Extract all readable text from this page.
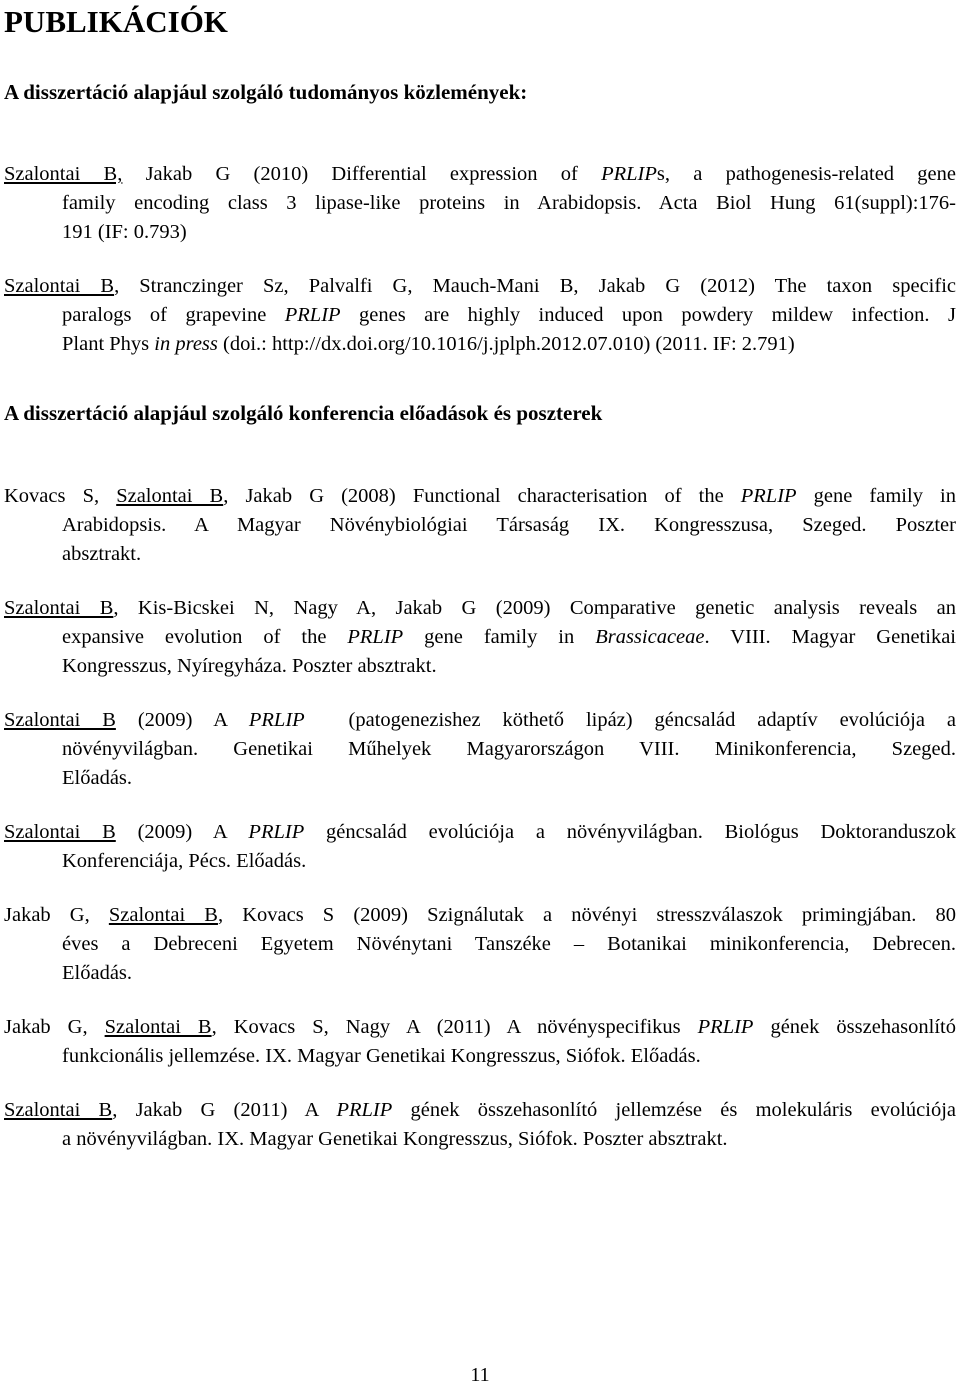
PUBLIKÁCIÓK
A disszertáció alapjául szolgáló tudományos közlemények:
Szalontai B, Jakab G (2010) Differential expression of PRLIPs, a pathogenesis-related gene
family encoding class 3 lipase-like proteins in Arabidopsis. Acta Biol Hung 61(suppl):176-
191 (IF: 0.793)
Szalontai B, Stranczinger Sz, Palvalfi G, Mauch-Mani B, Jakab G (2012) The taxon specific
paralogs of grapevine PRLIP genes are highly induced upon powdery mildew infection. J
Plant Phys in press (doi.: http://dx.doi.org/10.1016/j.jplph.2012.07.010) (2011. IF: 2.791)
A disszertáció alapjául szolgáló konferencia előadások és poszterek
Kovacs S, Szalontai B, Jakab G (2008) Functional characterisation of the PRLIP gene family in
Arabidopsis. A Magyar Növénybiológiai Társaság IX. Kongresszusa, Szeged. Poszter
absztrakt.
Szalontai B, Kis-Bicskei N, Nagy A, Jakab G (2009) Comparative genetic analysis reveals an
expansive evolution of the PRLIP gene family in Brassicaceae. VIII. Magyar Genetikai
Kongresszus, Nyíregyháza. Poszter absztrakt.
Szalontai B (2009) A PRLIP  (patogenezishez köthető lipáz) géncsalád adaptív evolúciója a
növényvilágban. Genetikai Műhelyek Magyarországon VIII. Minikonferencia, Szeged.
Előadás.
Szalontai B (2009) A PRLIP géncsalád evolúciója a növényvilágban. Biológus Doktoranduszok
Konferenciája, Pécs. Előadás.
Jakab G, Szalontai B, Kovacs S (2009) Szignálutak a növényi stresszválaszok primingjában. 80
éves a Debreceni Egyetem Növénytani Tanszéke – Botanikai minikonferencia, Debrecen.
Előadás.
Jakab G, Szalontai B, Kovacs S, Nagy A (2011) A növényspecifikus PRLIP gének összehasonlító
funkcionális jellemzése. IX. Magyar Genetikai Kongresszus, Siófok. Előadás.
Szalontai B, Jakab G (2011) A PRLIP gének összehasonlító jellemzése és molekuláris evolúciója
a növényvilágban. IX. Magyar Genetikai Kongresszus, Siófok. Poszter absztrakt.
11
